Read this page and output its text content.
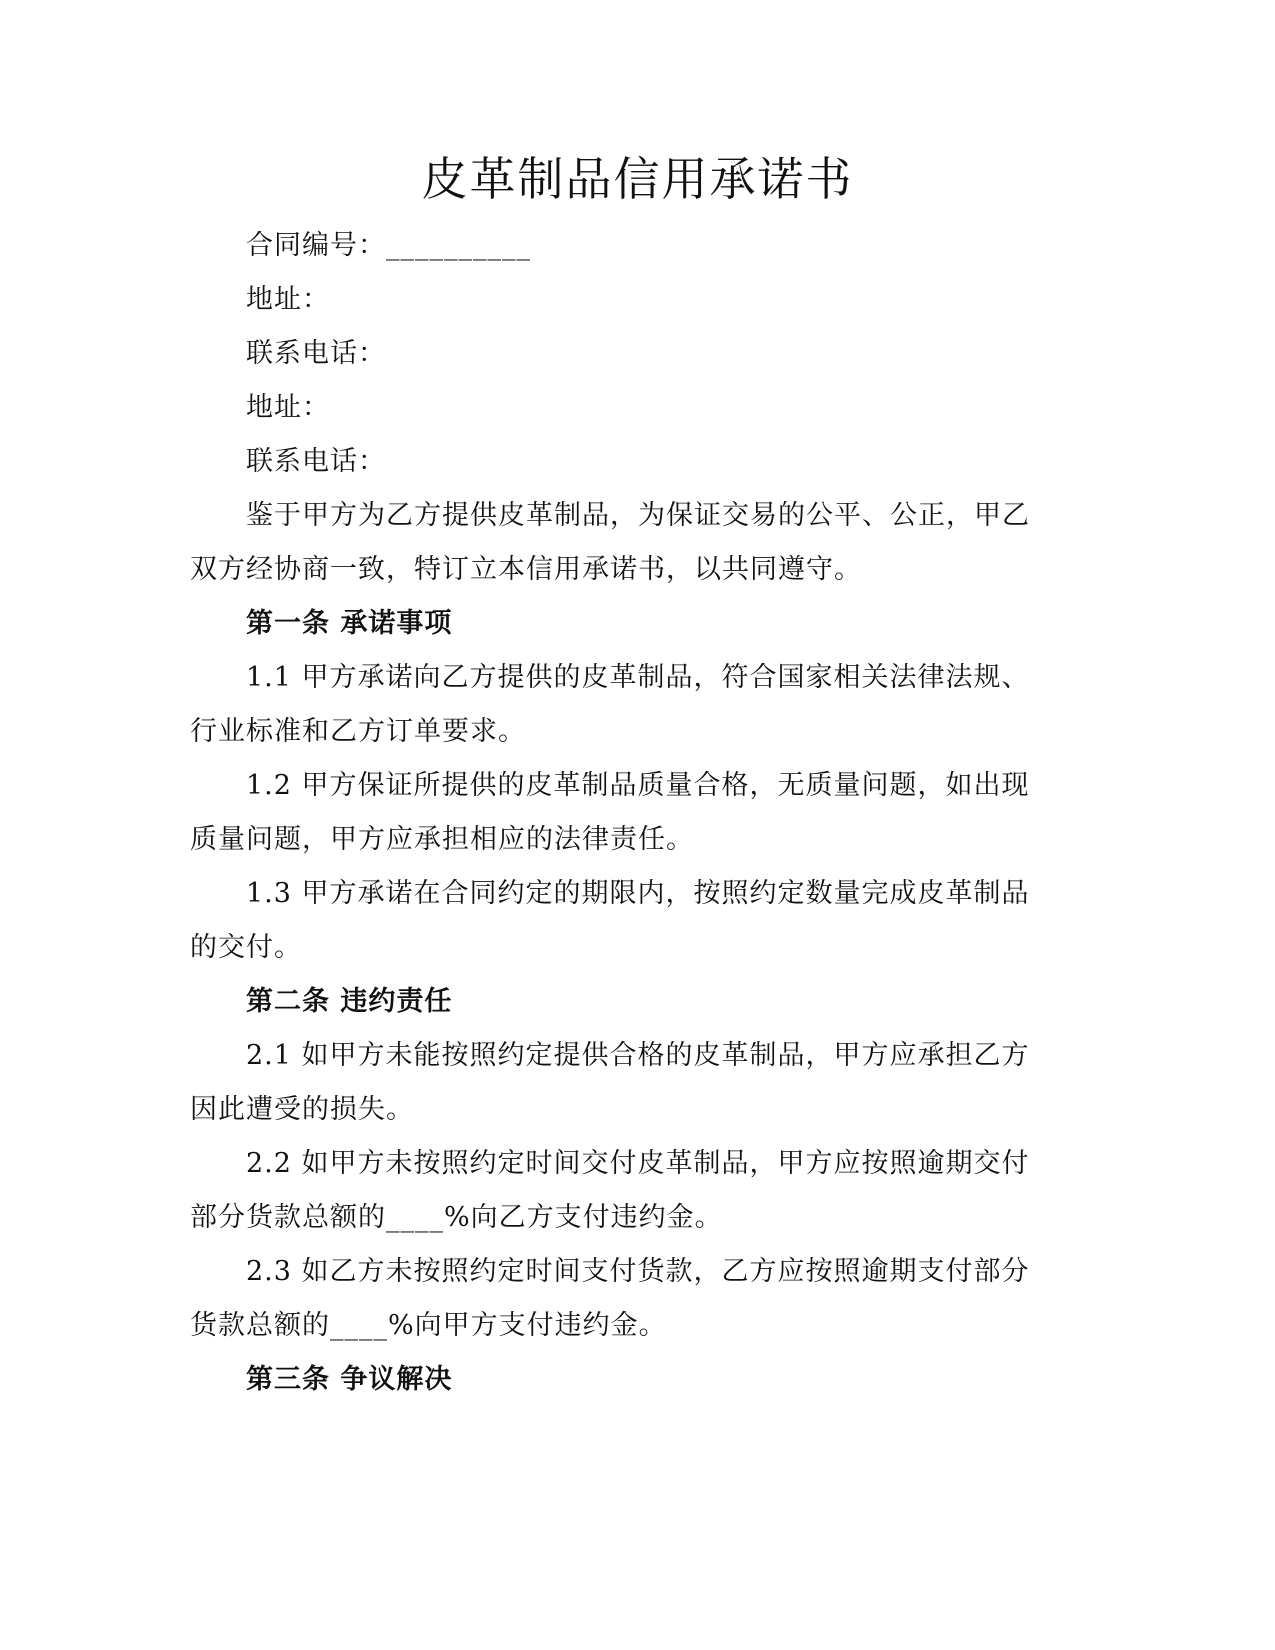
皮革制品信用承诺书
合同编号：__________
地址：
联系电话：
地址：
联系电话：
鉴于甲方为乙方提供皮革制品，为保证交易的公平、公正，甲乙
双方经协商一致，特订立本信用承诺书，以共同遵守。
第一条 承诺事项
1.1 甲方承诺向乙方提供的皮革制品，符合国家相关法律法规、
行业标准和乙方订单要求。
1.2 甲方保证所提供的皮革制品质量合格，无质量问题，如出现
质量问题，甲方应承担相应的法律责任。
1.3 甲方承诺在合同约定的期限内，按照约定数量完成皮革制品
的交付。
第二条 违约责任
2.1 如甲方未能按照约定提供合格的皮革制品，甲方应承担乙方
因此遭受的损失。
2.2 如甲方未按照约定时间交付皮革制品，甲方应按照逾期交付
部分货款总额的____%向乙方支付违约金。
2.3 如乙方未按照约定时间支付货款，乙方应按照逾期支付部分
货款总额的____%向甲方支付违约金。
第三条 争议解决
